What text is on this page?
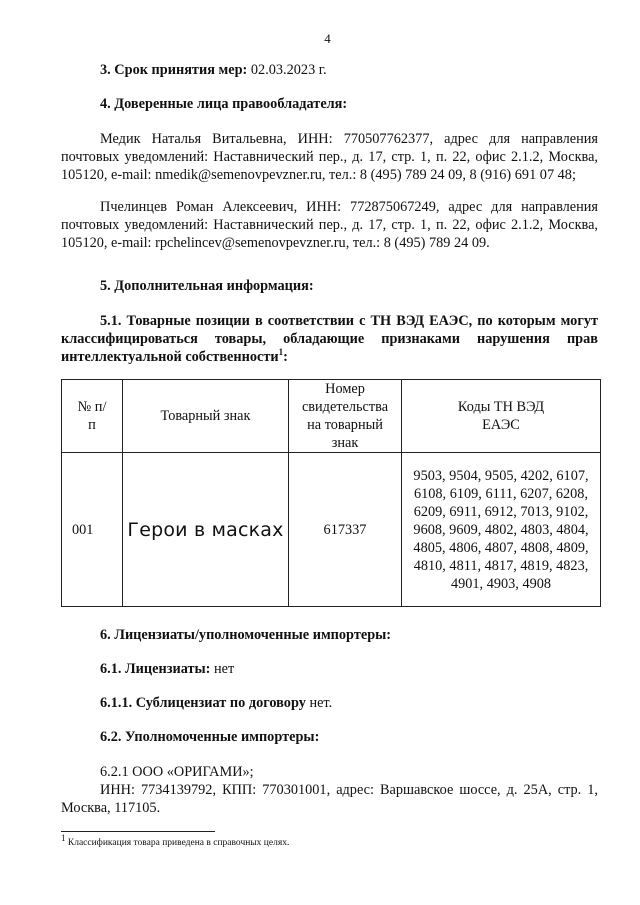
4

3. Срок принятия мер: 02.03.2023 г.

4. Доверенные лица правообладателя:

Медик Наталья Витальевна, ИНН: 770507762377, адрес для направления почтовых уведомлений: Наставнический пер., д. 17, стр. 1, п. 22, офис 2.1.2, Москва, 105120, e-mail: nmedik@semenovpevzner.ru, тел.: 8 (495) 789 24 09, 8 (916) 691 07 48;

Пчелинцев Роман Алексеевич, ИНН: 772875067249, адрес для направления почтовых уведомлений: Наставнический пер., д. 17, стр. 1, п. 22, офис 2.1.2, Москва, 105120, e-mail: rpchelincev@semenovpevzner.ru, тел.: 8 (495) 789 24 09.

5. Дополнительная информация:

5.1. Товарные позиции в соответствии с ТН ВЭД ЕАЭС, по которым могут классифицироваться товары, обладающие признаками нарушения прав интеллектуальной собственности$^1$:

№ п/п	Товарный знак	Номер свидетельства на товарный знак	Коды ТН ВЭД ЕАЭС
001	Герои в масках	617337	9503, 9504, 9505, 4202, 6107, 6108, 6109, 6111, 6207, 6208, 6209, 6911, 6912, 7013, 9102, 9608, 9609, 4802, 4803, 4804, 4805, 4806, 4807, 4808, 4809, 4810, 4811, 4817, 4819, 4823, 4901, 4903, 4908

6. Лицензиаты/уполномоченные импортеры:

6.1. Лицензиаты: нет

6.1.1. Сублицензиат по договору нет.

6.2. Уполномоченные импортеры:

6.2.1 ООО «ОРИГАМИ»;

ИНН: 7734139792, КПП: 770301001, адрес: Варшавское шоссе, д. 25А, стр. 1, Москва, 117105.

$^1$ Классификация товара приведена в справочных целях.
